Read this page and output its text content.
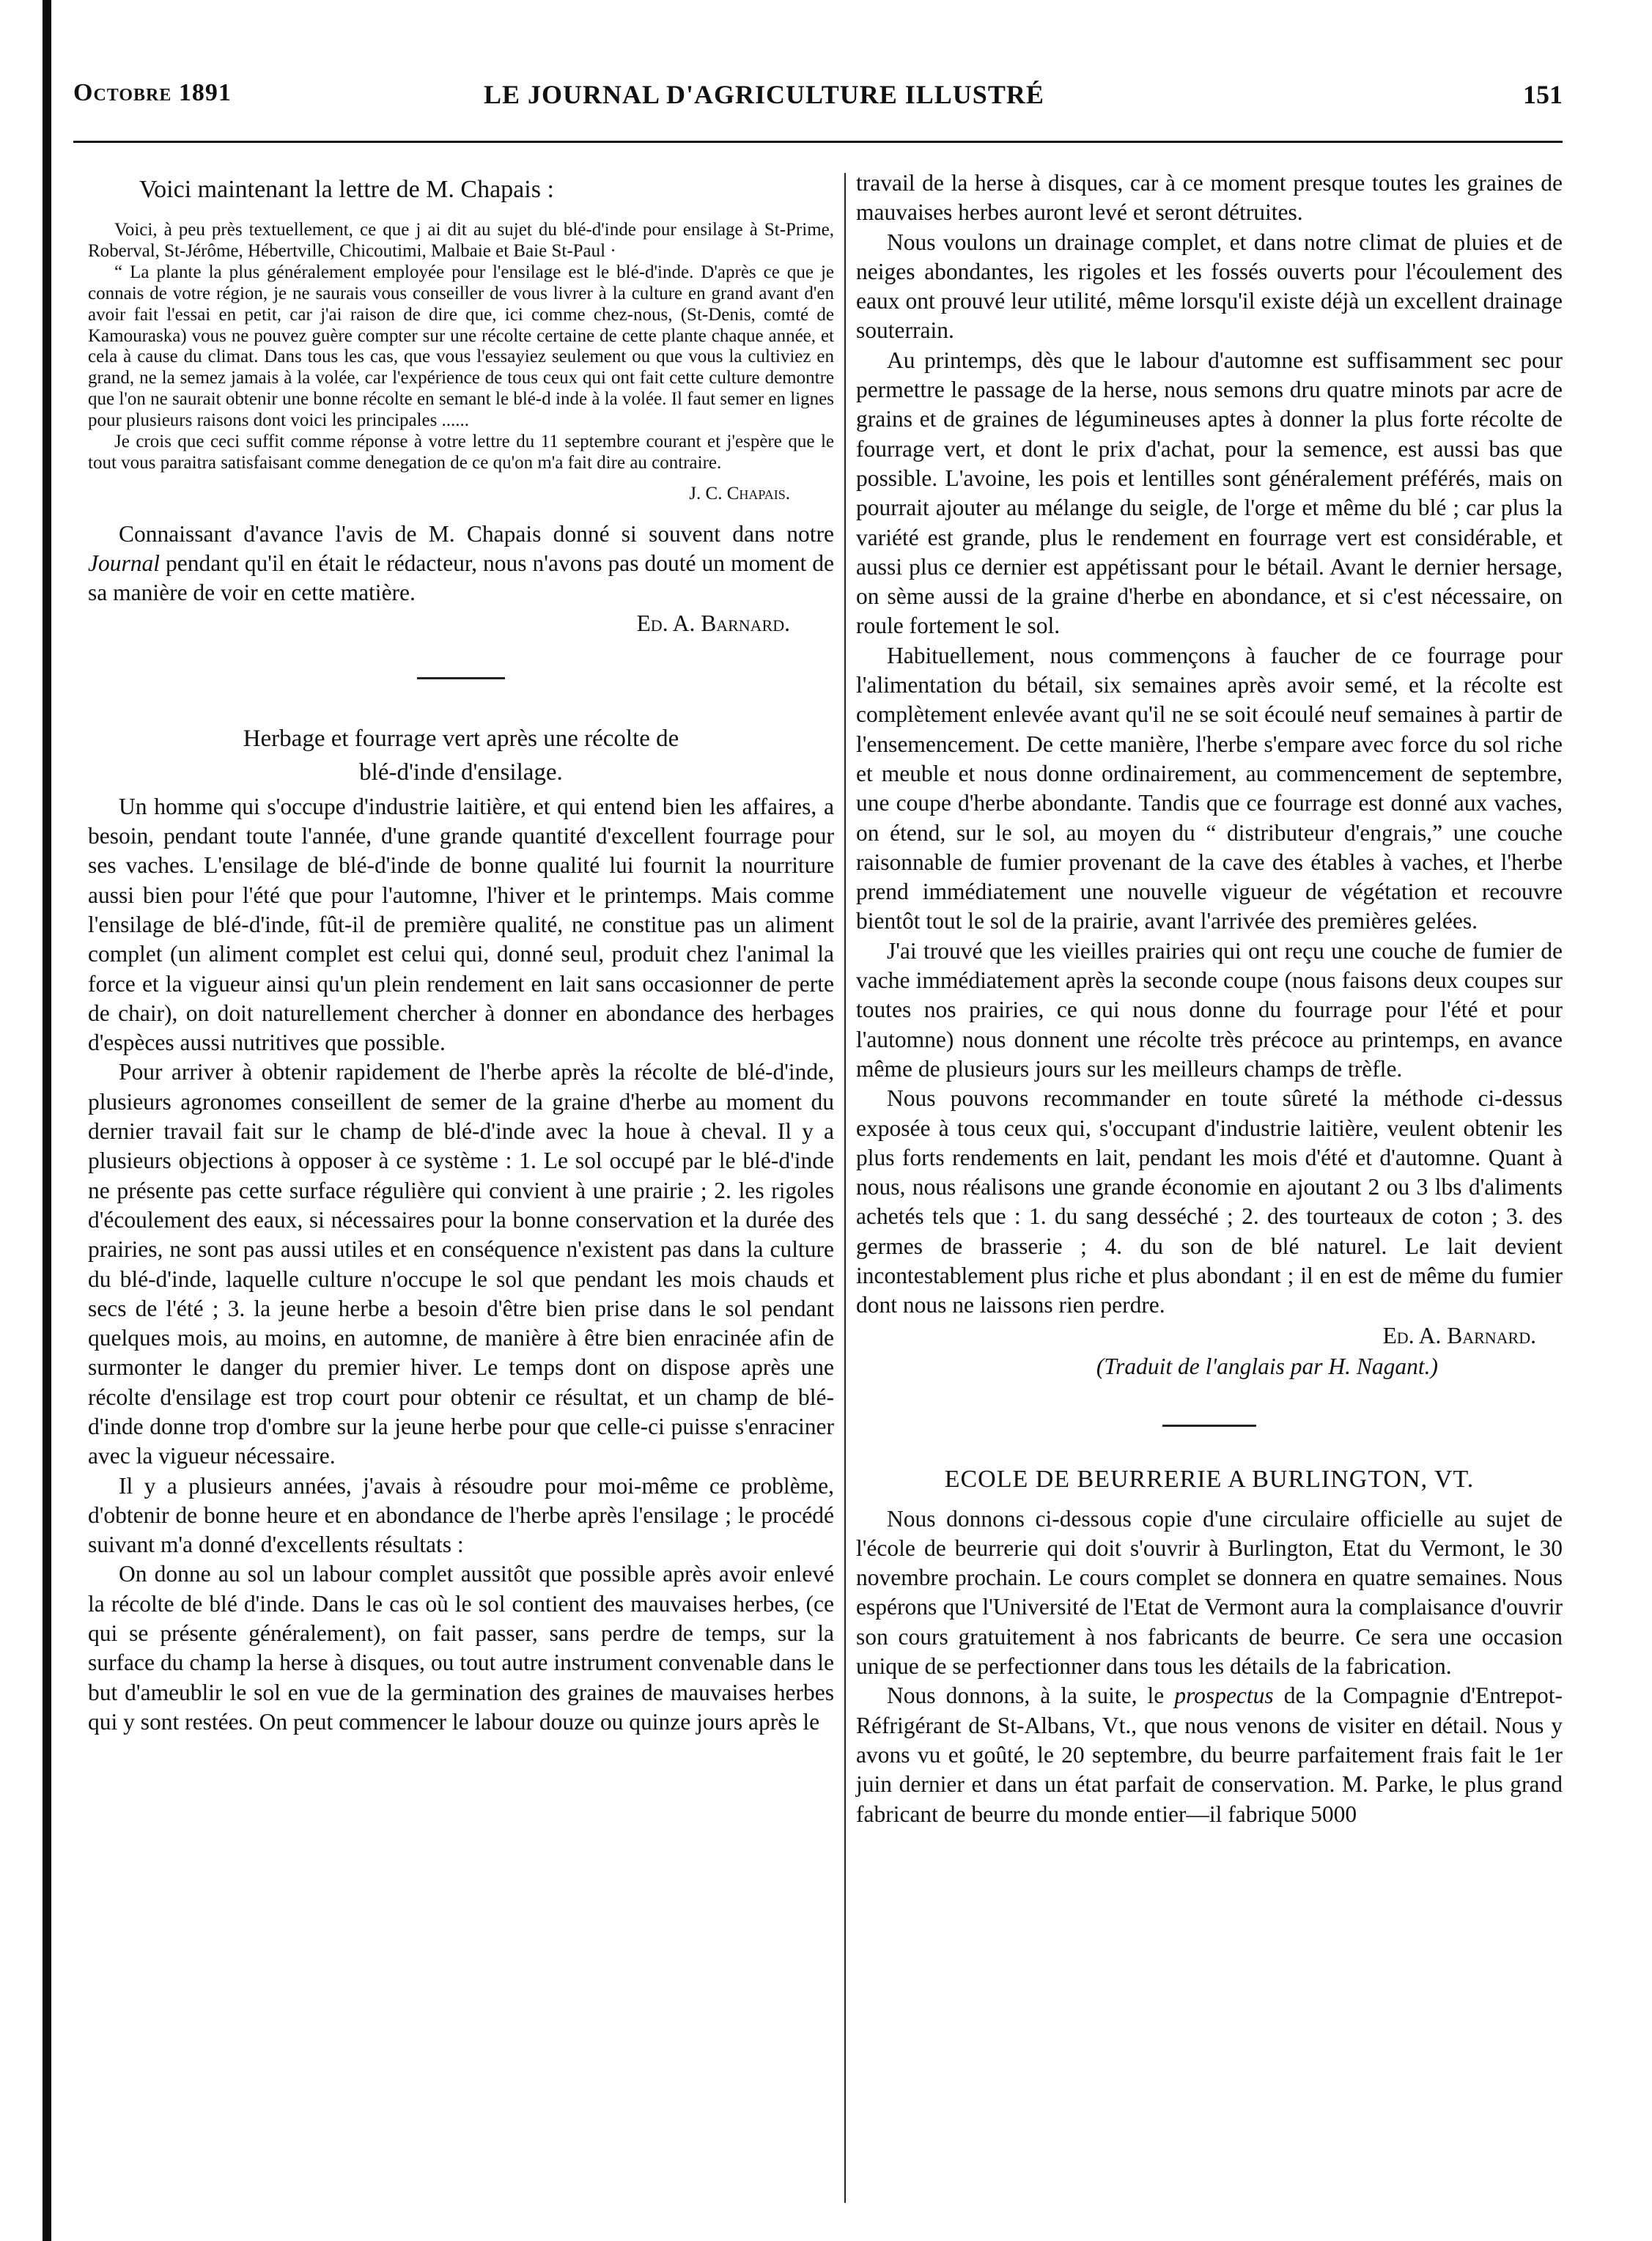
Octobre 1891	LE JOURNAL D'AGRICULTURE ILLUSTRÉ	151

Voici maintenant la lettre de M. Chapais :

Voici, à peu près textuellement, ce que j ai dit au sujet du blé-d'inde pour ensilage à St-Prime, Roberval, St-Jérôme, Hébertville, Chicoutimi, Malbaie et Baie St-Paul ·

“ La plante la plus généralement employée pour l'ensilage est le blé-d'inde. D'après ce que je connais de votre région, je ne saurais vous conseiller de vous livrer à la culture en grand avant d'en avoir fait l'essai en petit, car j'ai raison de dire que, ici comme chez-nous, (St-Denis, comté de Kamouraska) vous ne pouvez guère compter sur une récolte certaine de cette plante chaque année, et cela à cause du climat. Dans tous les cas, que vous l'essayiez seulement ou que vous la cultiviez en grand, ne la semez jamais à la volée, car l'expérience de tous ceux qui ont fait cette culture demontre que l'on ne saurait obtenir une bonne récolte en semant le blé-d inde à la volée. Il faut semer en lignes pour plusieurs raisons dont voici les principales ......

Je crois que ceci suffit comme réponse à votre lettre du 11 septembre courant et j'espère que le tout vous paraitra satisfaisant comme denegation de ce qu'on m'a fait dire au contraire.

J. C. Chapais.

Connaissant d'avance l'avis de M. Chapais donné si souvent dans notre Journal pendant qu'il en était le rédacteur, nous n'avons pas douté un moment de sa manière de voir en cette matière.

Ed. A. Barnard.

Herbage et fourrage vert après une récolte de

blé-d'inde d'ensilage.

Un homme qui s'occupe d'industrie laitière, et qui entend bien les affaires, a besoin, pendant toute l'année, d'une grande quantité d'excellent fourrage pour ses vaches. L'ensilage de blé-d'inde de bonne qualité lui fournit la nourriture aussi bien pour l'été que pour l'automne, l'hiver et le printemps. Mais comme l'ensilage de blé-d'inde, fût-il de première qualité, ne constitue pas un aliment complet (un aliment complet est celui qui, donné seul, produit chez l'animal la force et la vigueur ainsi qu'un plein rendement en lait sans occasionner de perte de chair), on doit naturellement chercher à donner en abondance des herbages d'espèces aussi nutritives que possible.

Pour arriver à obtenir rapidement de l'herbe après la récolte de blé-d'inde, plusieurs agronomes conseillent de semer de la graine d'herbe au moment du dernier travail fait sur le champ de blé-d'inde avec la houe à cheval. Il y a plusieurs objections à opposer à ce système : 1. Le sol occupé par le blé-d'inde ne présente pas cette surface régulière qui convient à une prairie ; 2. les rigoles d'écoulement des eaux, si nécessaires pour la bonne conservation et la durée des prairies, ne sont pas aussi utiles et en conséquence n'existent pas dans la culture du blé-d'inde, laquelle culture n'occupe le sol que pendant les mois chauds et secs de l'été ; 3. la jeune herbe a besoin d'être bien prise dans le sol pendant quelques mois, au moins, en automne, de manière à être bien enracinée afin de surmonter le danger du premier hiver. Le temps dont on dispose après une récolte d'ensilage est trop court pour obtenir ce résultat, et un champ de blé-d'inde donne trop d'ombre sur la jeune herbe pour que celle-ci puisse s'enraciner avec la vigueur nécessaire.

Il y a plusieurs années, j'avais à résoudre pour moi-même ce problème, d'obtenir de bonne heure et en abondance de l'herbe après l'ensilage ; le procédé suivant m'a donné d'excellents résultats :

On donne au sol un labour complet aussitôt que possible après avoir enlevé la récolte de blé d'inde. Dans le cas où le sol contient des mauvaises herbes, (ce qui se présente généralement), on fait passer, sans perdre de temps, sur la surface du champ la herse à disques, ou tout autre instrument convenable dans le but d'ameublir le sol en vue de la germination des graines de mauvaises herbes qui y sont restées. On peut commencer le labour douze ou quinze jours après le

travail de la herse à disques, car à ce moment presque toutes les graines de mauvaises herbes auront levé et seront détruites.

Nous voulons un drainage complet, et dans notre climat de pluies et de neiges abondantes, les rigoles et les fossés ouverts pour l'écoulement des eaux ont prouvé leur utilité, même lorsqu'il existe déjà un excellent drainage souterrain.

Au printemps, dès que le labour d'automne est suffisamment sec pour permettre le passage de la herse, nous semons dru quatre minots par acre de grains et de graines de légumineuses aptes à donner la plus forte récolte de fourrage vert, et dont le prix d'achat, pour la semence, est aussi bas que possible. L'avoine, les pois et lentilles sont généralement préférés, mais on pourrait ajouter au mélange du seigle, de l'orge et même du blé ; car plus la variété est grande, plus le rendement en fourrage vert est considérable, et aussi plus ce dernier est appétissant pour le bétail. Avant le dernier hersage, on sème aussi de la graine d'herbe en abondance, et si c'est nécessaire, on roule fortement le sol.

Habituellement, nous commençons à faucher de ce fourrage pour l'alimentation du bétail, six semaines après avoir semé, et la récolte est complètement enlevée avant qu'il ne se soit écoulé neuf semaines à partir de l'ensemencement. De cette manière, l'herbe s'empare avec force du sol riche et meuble et nous donne ordinairement, au commencement de septembre, une coupe d'herbe abondante. Tandis que ce fourrage est donné aux vaches, on étend, sur le sol, au moyen du “ distributeur d'engrais,” une couche raisonnable de fumier provenant de la cave des étables à vaches, et l'herbe prend immédiatement une nouvelle vigueur de végétation et recouvre bientôt tout le sol de la prairie, avant l'arrivée des premières gelées.

J'ai trouvé que les vieilles prairies qui ont reçu une couche de fumier de vache immédiatement après la seconde coupe (nous faisons deux coupes sur toutes nos prairies, ce qui nous donne du fourrage pour l'été et pour l'automne) nous donnent une récolte très précoce au printemps, en avance même de plusieurs jours sur les meilleurs champs de trèfle.

Nous pouvons recommander en toute sûreté la méthode ci-dessus exposée à tous ceux qui, s'occupant d'industrie laitière, veulent obtenir les plus forts rendements en lait, pendant les mois d'été et d'automne. Quant à nous, nous réalisons une grande économie en ajoutant 2 ou 3 lbs d'aliments achetés tels que : 1. du sang desséché ; 2. des tourteaux de coton ; 3. des germes de brasserie ; 4. du son de blé naturel. Le lait devient incontestablement plus riche et plus abondant ; il en est de même du fumier dont nous ne laissons rien perdre.

Ed. A. Barnard.

(Traduit de l'anglais par H. Nagant.)

ECOLE DE BEURRERIE A BURLINGTON, VT.

Nous donnons ci-dessous copie d'une circulaire officielle au sujet de l'école de beurrerie qui doit s'ouvrir à Burlington, Etat du Vermont, le 30 novembre prochain. Le cours complet se donnera en quatre semaines. Nous espérons que l'Université de l'Etat de Vermont aura la complaisance d'ouvrir son cours gratuitement à nos fabricants de beurre. Ce sera une occasion unique de se perfectionner dans tous les détails de la fabrication.

Nous donnons, à la suite, le prospectus de la Compagnie d'Entrepot-Réfrigérant de St-Albans, Vt., que nous venons de visiter en détail. Nous y avons vu et goûté, le 20 septembre, du beurre parfaitement frais fait le 1er juin dernier et dans un état parfait de conservation. M. Parke, le plus grand fabricant de beurre du monde entier—il fabrique 5000
